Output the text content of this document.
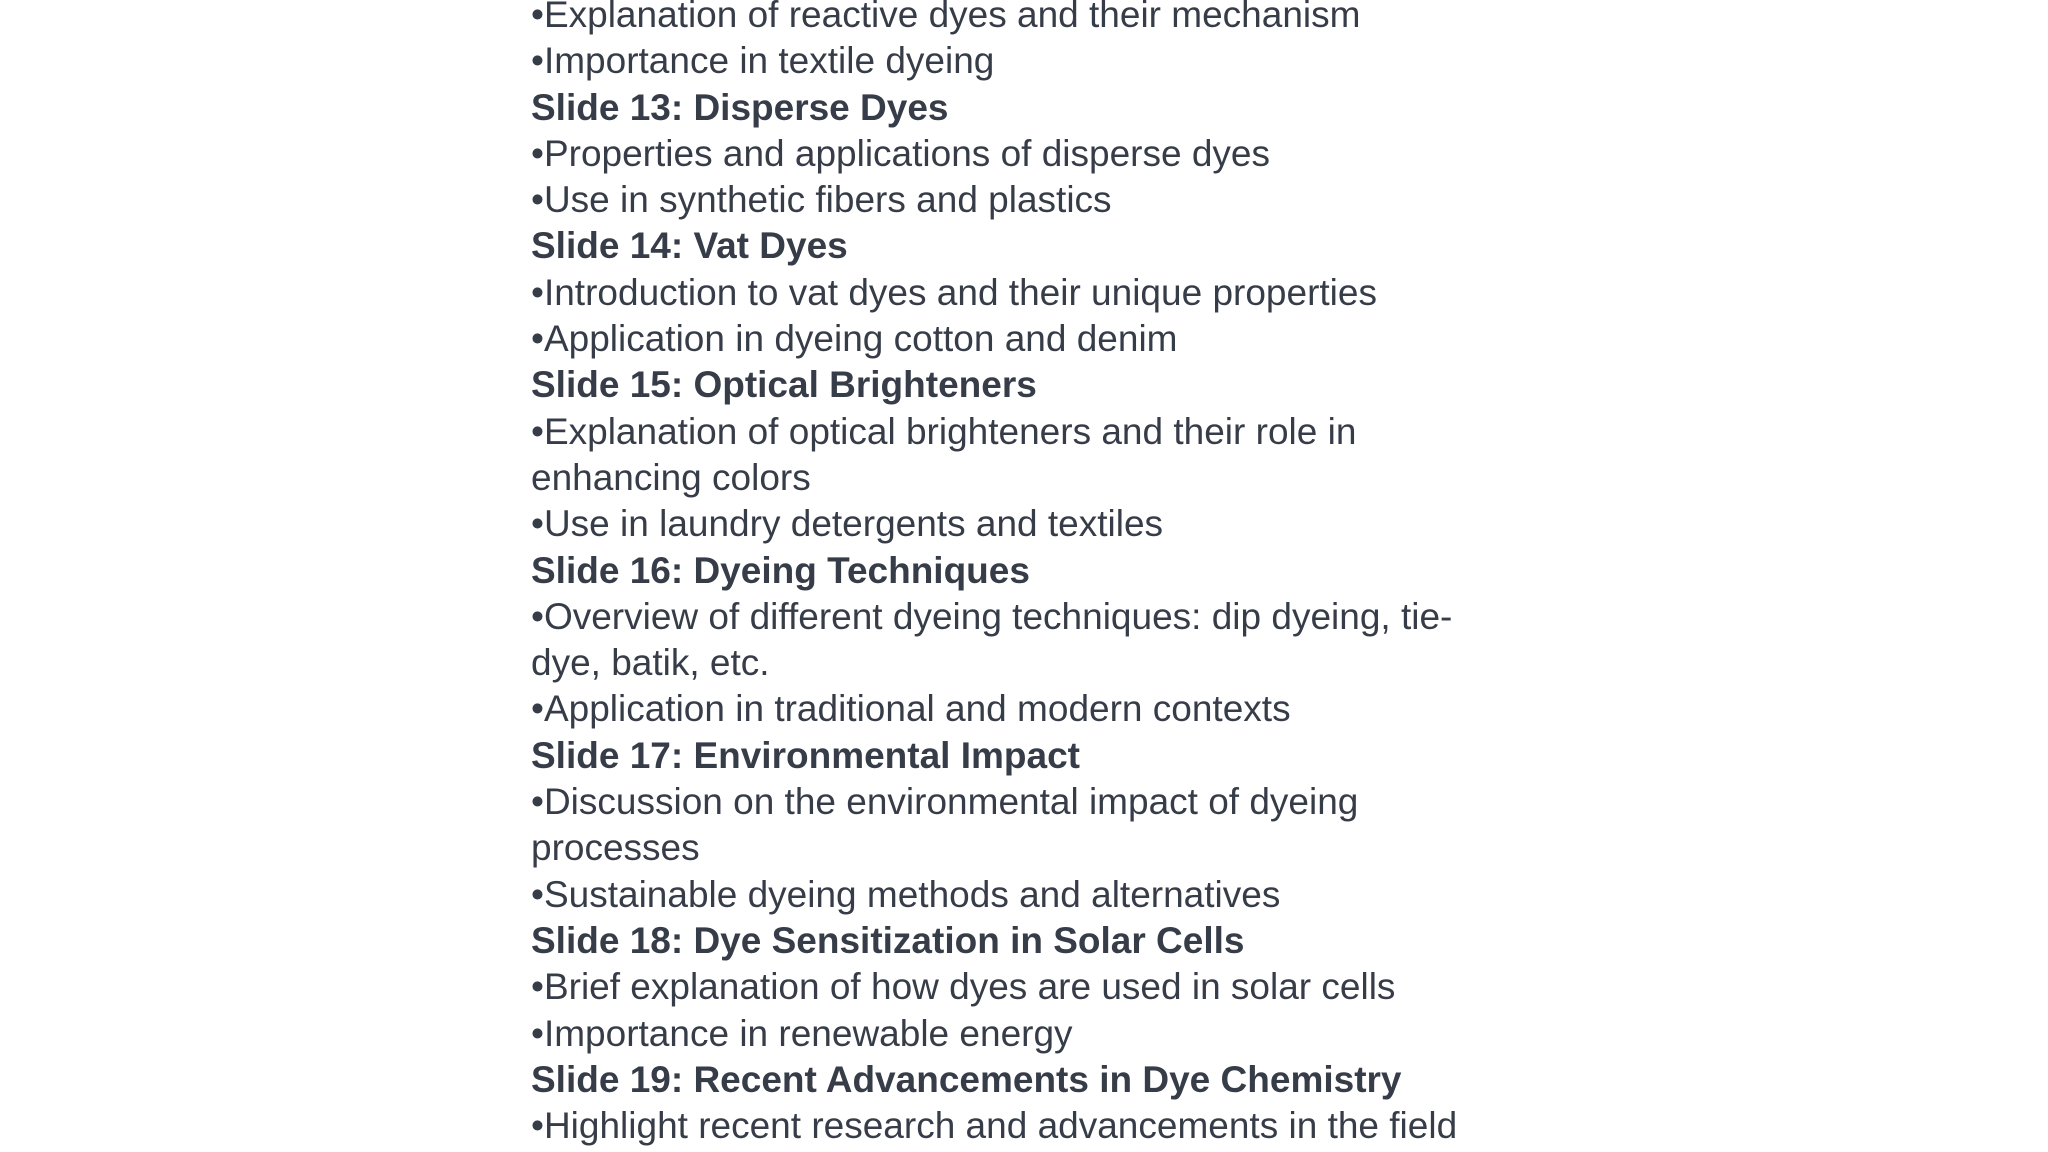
•Explanation of reactive dyes and their mechanism

•Importance in textile dyeing

Slide 13: Disperse Dyes

•Properties and applications of disperse dyes

•Use in synthetic fibers and plastics

Slide 14: Vat Dyes

•Introduction to vat dyes and their unique properties

•Application in dyeing cotton and denim

Slide 15: Optical Brighteners

•Explanation of optical brighteners and their role in

enhancing colors

•Use in laundry detergents and textiles

Slide 16: Dyeing Techniques

•Overview of different dyeing techniques: dip dyeing, tie-

dye, batik, etc.

•Application in traditional and modern contexts

Slide 17: Environmental Impact

•Discussion on the environmental impact of dyeing

processes

•Sustainable dyeing methods and alternatives

Slide 18: Dye Sensitization in Solar Cells

•Brief explanation of how dyes are used in solar cells

•Importance in renewable energy

Slide 19: Recent Advancements in Dye Chemistry

•Highlight recent research and advancements in the field
